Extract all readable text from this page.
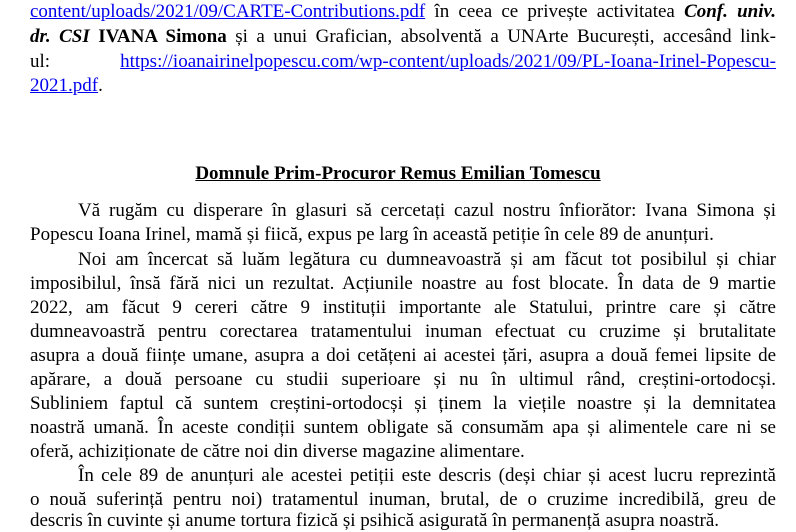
content/uploads/2021/09/CARTE-Contributions.pdf în ceea ce privește activitatea Conf. univ.
dr. CSI IVANA Simona și a unui Grafician, absolventă a UNArte București, accesând link-
ul:	https://ioanairinelpopescu.com/wp-content/uploads/2021/09/PL-Ioana-Irinel-Popescu-
2021.pdf.
Domnule Prim-Procuror Remus Emilian Tomescu
Vă rugăm cu disperare în glasuri să cercetați cazul nostru înfiorător: Ivana Simona și
Popescu Ioana Irinel, mamă și fiică, expus pe larg în această petiție în cele 89 de anunțuri.
Noi am încercat să luăm legătura cu dumneavoastră și am făcut tot posibilul și chiar
imposibilul, însă fără nici un rezultat. Acțiunile noastre au fost blocate. În data de 9 martie
2022, am făcut 9 cereri către 9 instituții importante ale Statului, printre care și către
dumneavoastră pentru corectarea tratamentului inuman efectuat cu cruzime și brutalitate
asupra a două ființe umane, asupra a doi cetățeni ai acestei țări, asupra a două femei lipsite de
apărare, a două persoane cu studii superioare și nu în ultimul rând, creștini-ortodocși.
Subliniem faptul că suntem creștini-ortodocși și ținem la viețile noastre și la demnitatea
noastră umană. În aceste condiții suntem obligate să consumăm apa și alimentele care ni se
oferă, achiziționate de către noi din diverse magazine alimentare.
În cele 89 de anunțuri ale acestei petiții este descris (deși chiar și acest lucru reprezintă
o nouă suferință pentru noi) tratamentul inuman, brutal, de o cruzime incredibilă, greu de
descris în cuvinte și anume tortura fizică și psihică asigurată în permanență asupra noastră.
